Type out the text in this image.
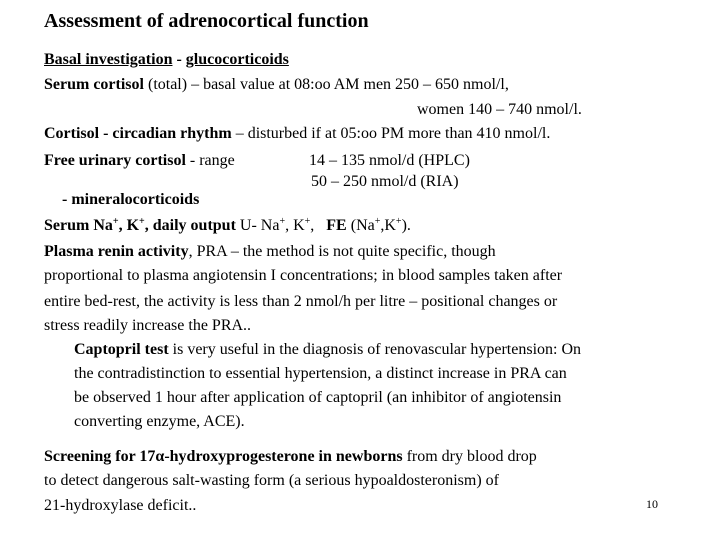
Assessment of adrenocortical function
Basal investigation - glucocorticoids
Serum cortisol (total) – basal value at 08:oo AM men 250 – 650 nmol/l,
women 140 – 740 nmol/l.
Cortisol - circadian rhythm – disturbed if at 05:oo PM more than 410 nmol/l.
Free urinary cortisol - range	14 – 135 nmol/d (HPLC)
50 – 250 nmol/d (RIA)
- mineralocorticoids
Serum Na+, K+, daily output U- Na+, K+, FE (Na+,K+).
Plasma renin activity, PRA – the method is not quite specific, though
proportional to plasma angiotensin I concentrations; in blood samples taken after
entire bed-rest, the activity is less than 2 nmol/h per litre – positional changes or
stress readily increase the PRA..
Captopril test is very useful in the diagnosis of renovascular hypertension: On
the contradistinction to essential hypertension, a distinct increase in PRA can
be observed 1 hour after application of captopril (an inhibitor of angiotensin
converting enzyme, ACE).
Screening for 17α-hydroxyprogesterone in newborns from dry blood drop
to detect dangerous salt-wasting form (a serious hypoaldosteronism) of
21-hydroxylase deficit..	10
